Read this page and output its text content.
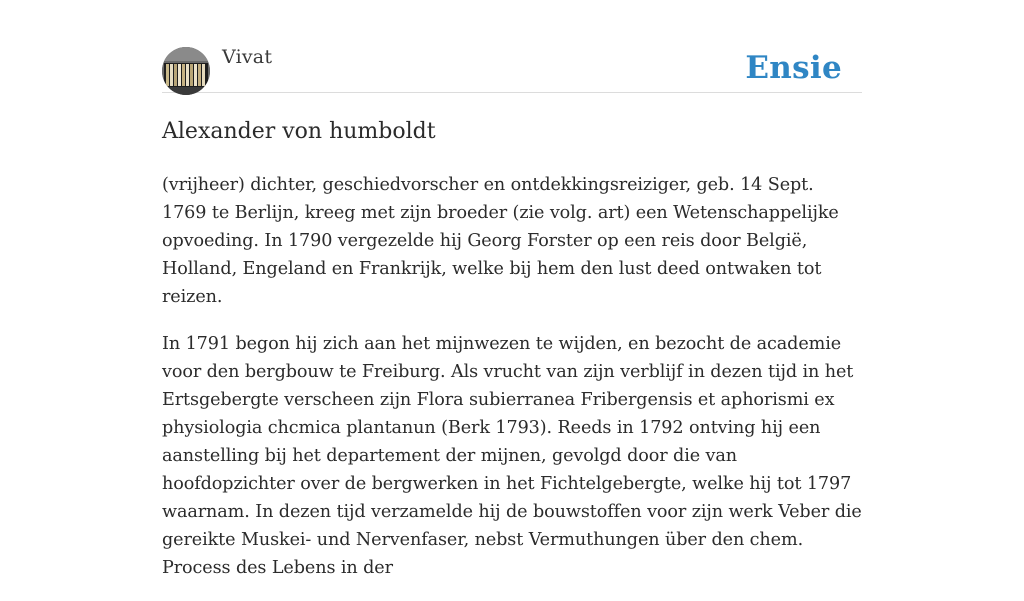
Vivat	Ensie
Alexander von humboldt

(vrijheer) dichter, geschiedvorscher en ontdekkingsreiziger, geb. 14 Sept. 1769 te Berlijn, kreeg met zijn broeder (zie volg. art) een Wetenschappelijke opvoeding. In 1790 vergezelde hij Georg Forster op een reis door België, Holland, Engeland en Frankrijk, welke bij hem den lust deed ontwaken tot reizen.

In 1791 begon hij zich aan het mijnwezen te wijden, en bezocht de academie voor den bergbouw te Freiburg. Als vrucht van zijn verblijf in dezen tijd in het Ertsgebergte verscheen zijn Flora subierranea Fribergensis et aphorismi ex physiologia chcmica plantanun (Berk 1793). Reeds in 1792 ontving hij een aanstelling bij het departement der mijnen, gevolgd door die van hoofdopzichter over de bergwerken in het Fichtelgebergte, welke hij tot 1797 waarnam. In dezen tijd verzamelde hij de bouwstoffen voor zijn werk Veber die gereikte Muskei- und Nervenfaser, nebst Vermuthungen über den chem. Process des Lebens in der
